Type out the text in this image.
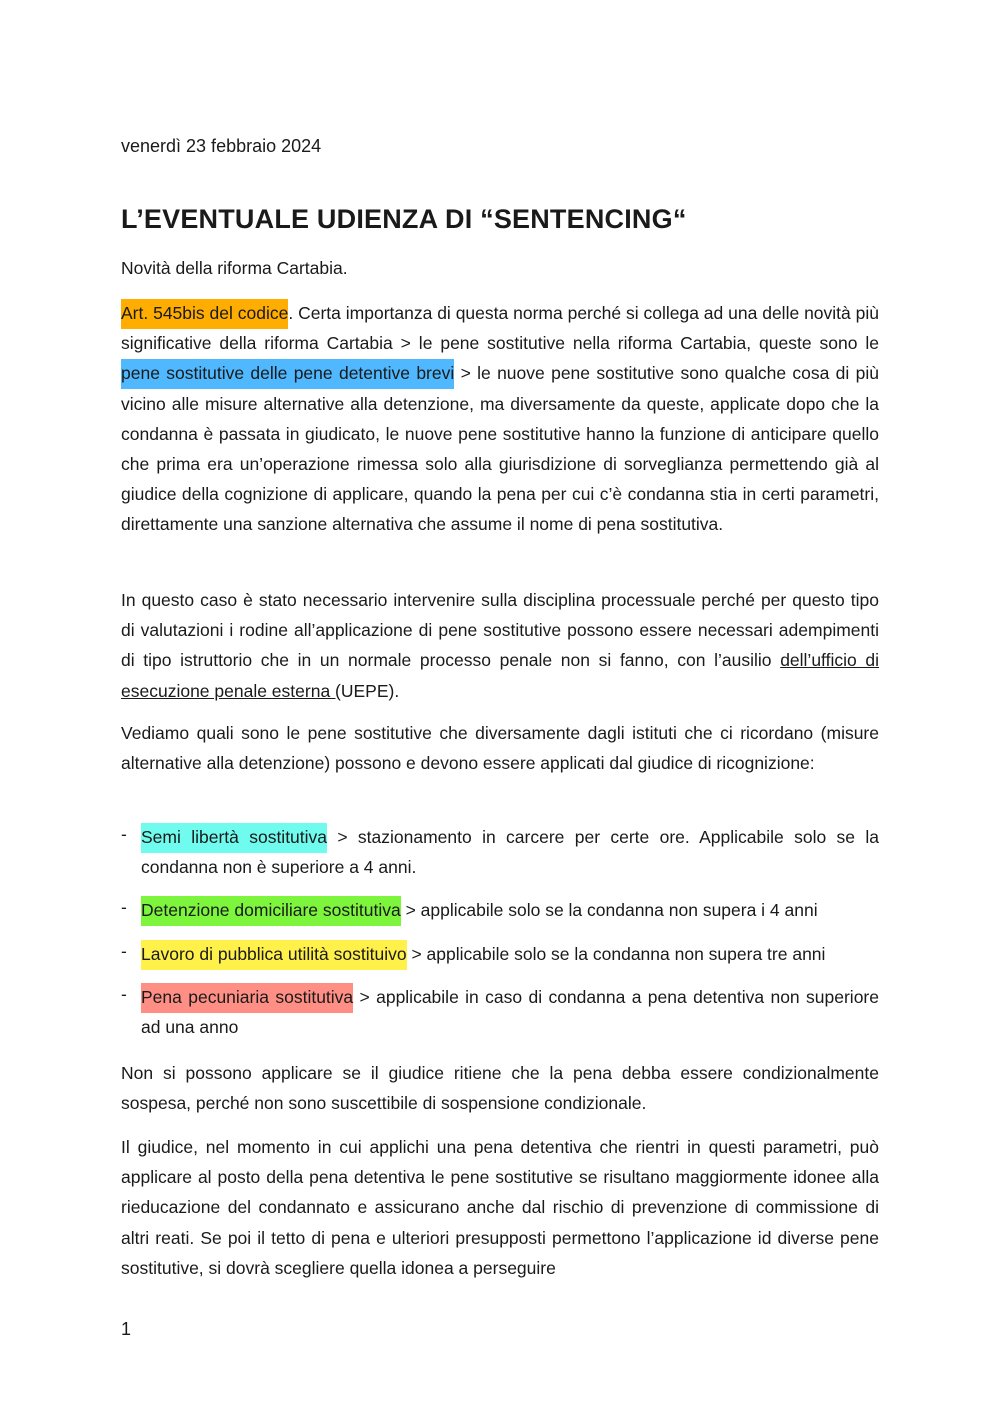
venerdì 23 febbraio 2024

L’EVENTUALE UDIENZA DI “SENTENCING“

Novità della riforma Cartabia.

Art. 545bis del codice. Certa importanza di questa norma perché si collega ad una delle novità più significative della riforma Cartabia > le pene sostitutive nella riforma Cartabia, queste sono le pene sostitutive delle pene detentive brevi > le nuove pene sostitutive sono qualche cosa di più vicino alle misure alternative alla detenzione, ma diversamente da queste, applicate dopo che la condanna è passata in giudicato, le nuove pene sostitutive hanno la funzione di anticipare quello che prima era un’operazione rimessa solo alla giurisdizione di sorveglianza permettendo già al giudice della cognizione di applicare, quando la pena per cui c’è condanna stia in certi parametri, direttamente una sanzione alternativa che assume il nome di pena sostitutiva.

In questo caso è stato necessario intervenire sulla disciplina processuale perché per questo tipo di valutazioni i rodine all’applicazione di pene sostitutive possono essere necessari adempimenti di tipo istruttorio che in un normale processo penale non si fanno, con l’ausilio dell’ufficio di esecuzione penale esterna (UEPE).

Vediamo quali sono le pene sostitutive che diversamente dagli istituti che ci ricordano (misure alternative alla detenzione) possono e devono essere applicati dal giudice di ricognizione:

- Semi libertà sostitutiva > stazionamento in carcere per certe ore. Applicabile solo se la condanna non è superiore a 4 anni.
- Detenzione domiciliare sostitutiva > applicabile solo se la condanna non supera i 4 anni
- Lavoro di pubblica utilità sostituivo > applicabile solo se la condanna non supera tre anni
- Pena pecuniaria sostitutiva > applicabile in caso di condanna a pena detentiva non superiore ad una anno

Non si possono applicare se il giudice ritiene che la pena debba essere condizionalmente sospesa, perché non sono suscettibile di sospensione condizionale.

Il giudice, nel momento in cui applichi una pena detentiva che rientri in questi parametri, può applicare al posto della pena detentiva le pene sostitutive se risultano maggiormente idonee alla rieducazione del condannato e assicurano anche dal rischio di prevenzione di commissione di altri reati. Se poi il tetto di pena e ulteriori presupposti permettono l’applicazione id diverse pene sostitutive, si dovrà scegliere quella idonea a perseguire

1
